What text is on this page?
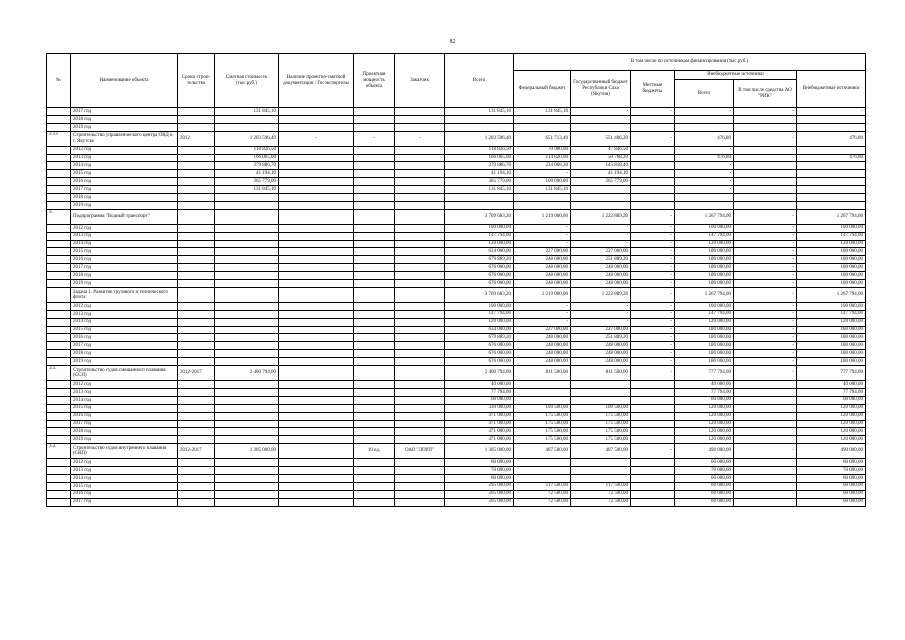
82
№	Наименование объекта	Сроки строи-тельства	Сметная стоимость (тыс.руб.)	Наличие проектно-сметной документации / Госэкспертизы	Проектная мощность объекта	Заказчик	Всего	В том числе по источникам финансирования (тыс.руб.)					
								Федеральный бюджет	Государственный бюджет Республики Саха (Якутия)	Местные бюджеты	Внебюджетные источники		Внебюджетные источники
											Всего	В том числе средства АО "РИК"	
	2017 год		131 845,10				131 845,10	131 845,10	-	-	-	-	-
	2018 год												
	2019 год												
2.13	Строительство управленческого центра ОВД в г. Якутске	2012	1 203 596,40	-	-	-	1 203 596,40	651 713,40	551 406,20	-	476,80	-	476,80
	2012 год		118 826,50				118 826,50	70 980,00	47 846,50		-		
	2013 год		166 065,00				166 065,00	114 820,00	50 768,20		476,80		476,80
	2014 год		379 886,70				379 886,70	234 068,30	145 818,40		-		
	2015 год		41 194,10				41 194,10	-	41 194,10		-		
	2016 год		365 779,00				365 779,00	100 000,00	265 779,00		-		
	2017 год		131 845,10				131 845,10	131 845,10			-		
	2018 год												
	2019 год												
3.	Подпрограмма "Водный транспорт"						3 709 683,20	1 219 000,00	1 222 889,20	-	1 267 794,00	-	1 267 794,00
	2012 год						100 000,00	-	-	-	100 000,00	-	100 000,00
	2013 год						147 794,00	-	-	-	147 794,00	-	147 794,00
	2014 год						120 000,00	-	-	-	120 000,00	-	120 000,00
	2015 год						634 000,00	227 000,00	227 000,00	-	180 000,00	-	180 000,00
	2016 год						679 889,20	248 000,00	251 889,20	-	180 000,00	-	180 000,00
	2017 год						676 000,00	248 000,00	248 000,00	-	180 000,00	-	180 000,00
	2018 год						676 000,00	248 000,00	248 000,00	-	180 000,00	-	180 000,00
	2019 год						676 000,00	248 000,00	248 000,00	-	180 000,00	-	180 000,00
	Задача 1. Развитие грузового и технического флота						3 709 683,20	1 219 000,00	1 222 889,20	-	1 267 794,00	-	1 267 794,00
	2012 год						100 000,00	-	-	-	100 000,00	-	100 000,00
	2013 год						147 794,00	-	-	-	147 794,00	-	147 794,00
	2014 год						120 000,00	-	-	-	120 000,00	-	120 000,00
	2015 год						634 000,00	227 000,00	227 000,00	-	180 000,00	-	180 000,00
	2016 год						679 889,20	248 000,00	251 889,20	-	180 000,00	-	180 000,00
	2017 год						676 000,00	248 000,00	248 000,00	-	180 000,00	-	180 000,00
	2018 год						676 000,00	248 000,00	248 000,00	-	180 000,00	-	180 000,00
	2019 год						676 000,00	248 000,00	248 000,00	-	180 000,00	-	180 000,00
3.1.	Строительство судов смешанного плавания (ССП)	2012-2017	2 400 794,00				2 400 794,00	811 500,00	811 500,00	-	777 794,00	-	777 794,00
	2012 год						40 000,00				40 000,00		40 000,00
	2013 год						77 794,00				77 794,00		77 794,00
	2014 год						60 000,00				60 000,00		60 000,00
	2015 год						339 000,00	109 500,00	109 500,00		120 000,00		120 000,00
	2016 год						471 000,00	175 500,00	175 500,00		120 000,00		120 000,00
	2017 год						471 000,00	175 500,00	175 500,00		120 000,00		120 000,00
	2018 год						471 000,00	175 500,00	175 500,00		120 000,00		120 000,00
	2019 год						471 000,00	175 500,00	175 500,00		120 000,00		120 000,00
3.2.	Строительство судов внутреннего плавания (СВП)	2012-2017	1 305 000,00		10 ед.	ОАО "ЛОРП"	1 305 000,00	407 500,00	407 500,00	-	490 000,00	-	490 000,00
	2012 год						60 000,00				60 000,00		60 000,00
	2013 год						70 000,00				70 000,00		70 000,00
	2014 год						60 000,00				60 000,00		60 000,00
	2015 год						295 000,00	117 500,00	117 500,00		60 000,00		60 000,00
	2016 год						205 000,00	72 500,00	72 500,00		60 000,00		60 000,00
	2017 год						205 000,00	72 500,00	72 500,00		60 000,00		60 000,00
